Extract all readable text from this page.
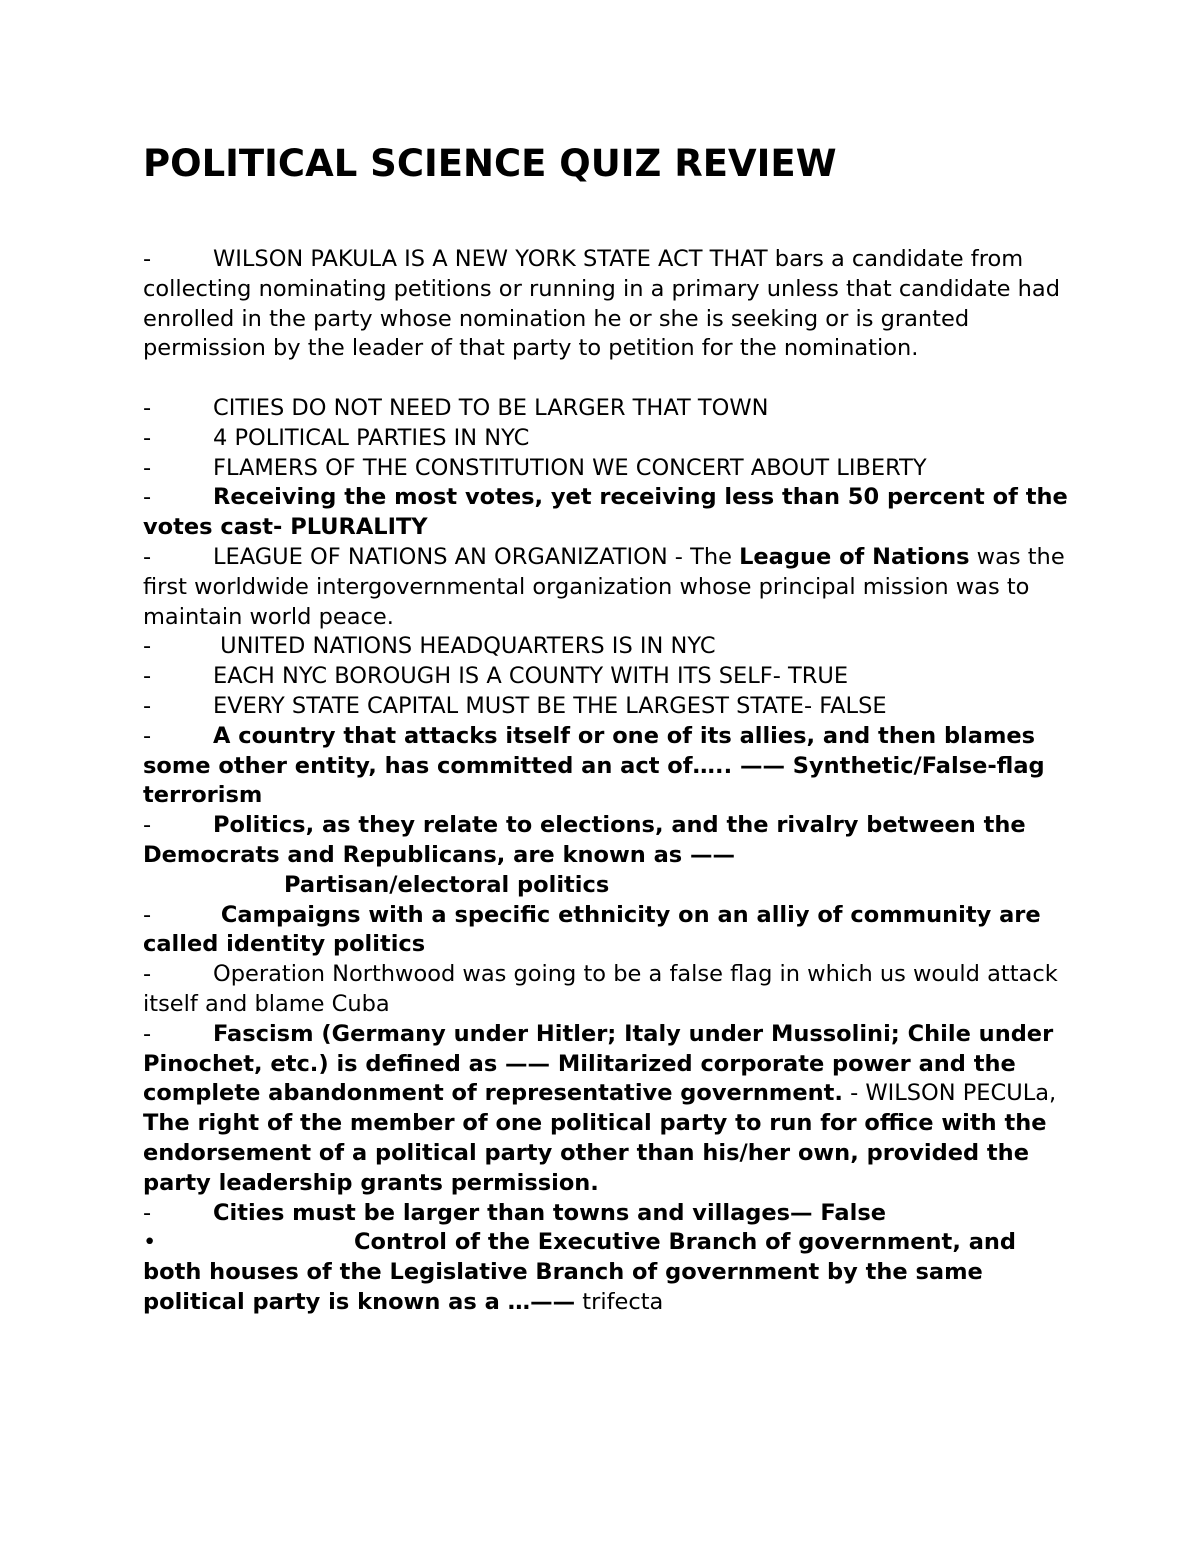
POLITICAL SCIENCE QUIZ REVIEW

-	WILSON PAKULA IS A NEW YORK STATE ACT THAT bars a candidate from collecting nominating petitions or running in a primary unless that candidate had enrolled in the party whose nomination he or she is seeking or is granted permission by the leader of that party to petition for the nomination.

-	CITIES DO NOT NEED TO BE LARGER THAT TOWN

-	4 POLITICAL PARTIES IN NYC

-	FLAMERS OF THE CONSTITUTION WE CONCERT ABOUT LIBERTY

-	Receiving the most votes, yet receiving less than 50 percent of the votes cast- PLURALITY

-	LEAGUE OF NATIONS AN ORGANIZATION - The League of Nations was the first worldwide intergovernmental organization whose principal mission was to maintain world peace.

-	UNITED NATIONS HEADQUARTERS IS IN NYC

-	EACH NYC BOROUGH IS A COUNTY WITH ITS SELF- TRUE

-	EVERY STATE CAPITAL MUST BE THE LARGEST STATE- FALSE

-	A country that attacks itself or one of its allies, and then blames some other entity, has committed an act of….. —— Synthetic/False-flag terrorism

-	Politics, as they relate to elections, and the rivalry between the Democrats and Republicans, are known as ——

Partisan/electoral politics

-	Campaigns with a specific ethnicity on an alliy of community are called identity politics

-	Operation Northwood was going to be a false flag in which us would attack itself and blame Cuba

-	Fascism (Germany under Hitler; Italy under Mussolini; Chile under Pinochet, etc.) is defined as —— Militarized corporate power and the complete abandonment of representative government. - WILSON PECULa, The right of the member of one political party to run for office with the endorsement of a political party other than his/her own, provided the party leadership grants permission.

-	Cities must be larger than towns and villages— False

•	Control of the Executive Branch of government, and both houses of the Legislative Branch of government by the same political party is known as a …—— trifecta
